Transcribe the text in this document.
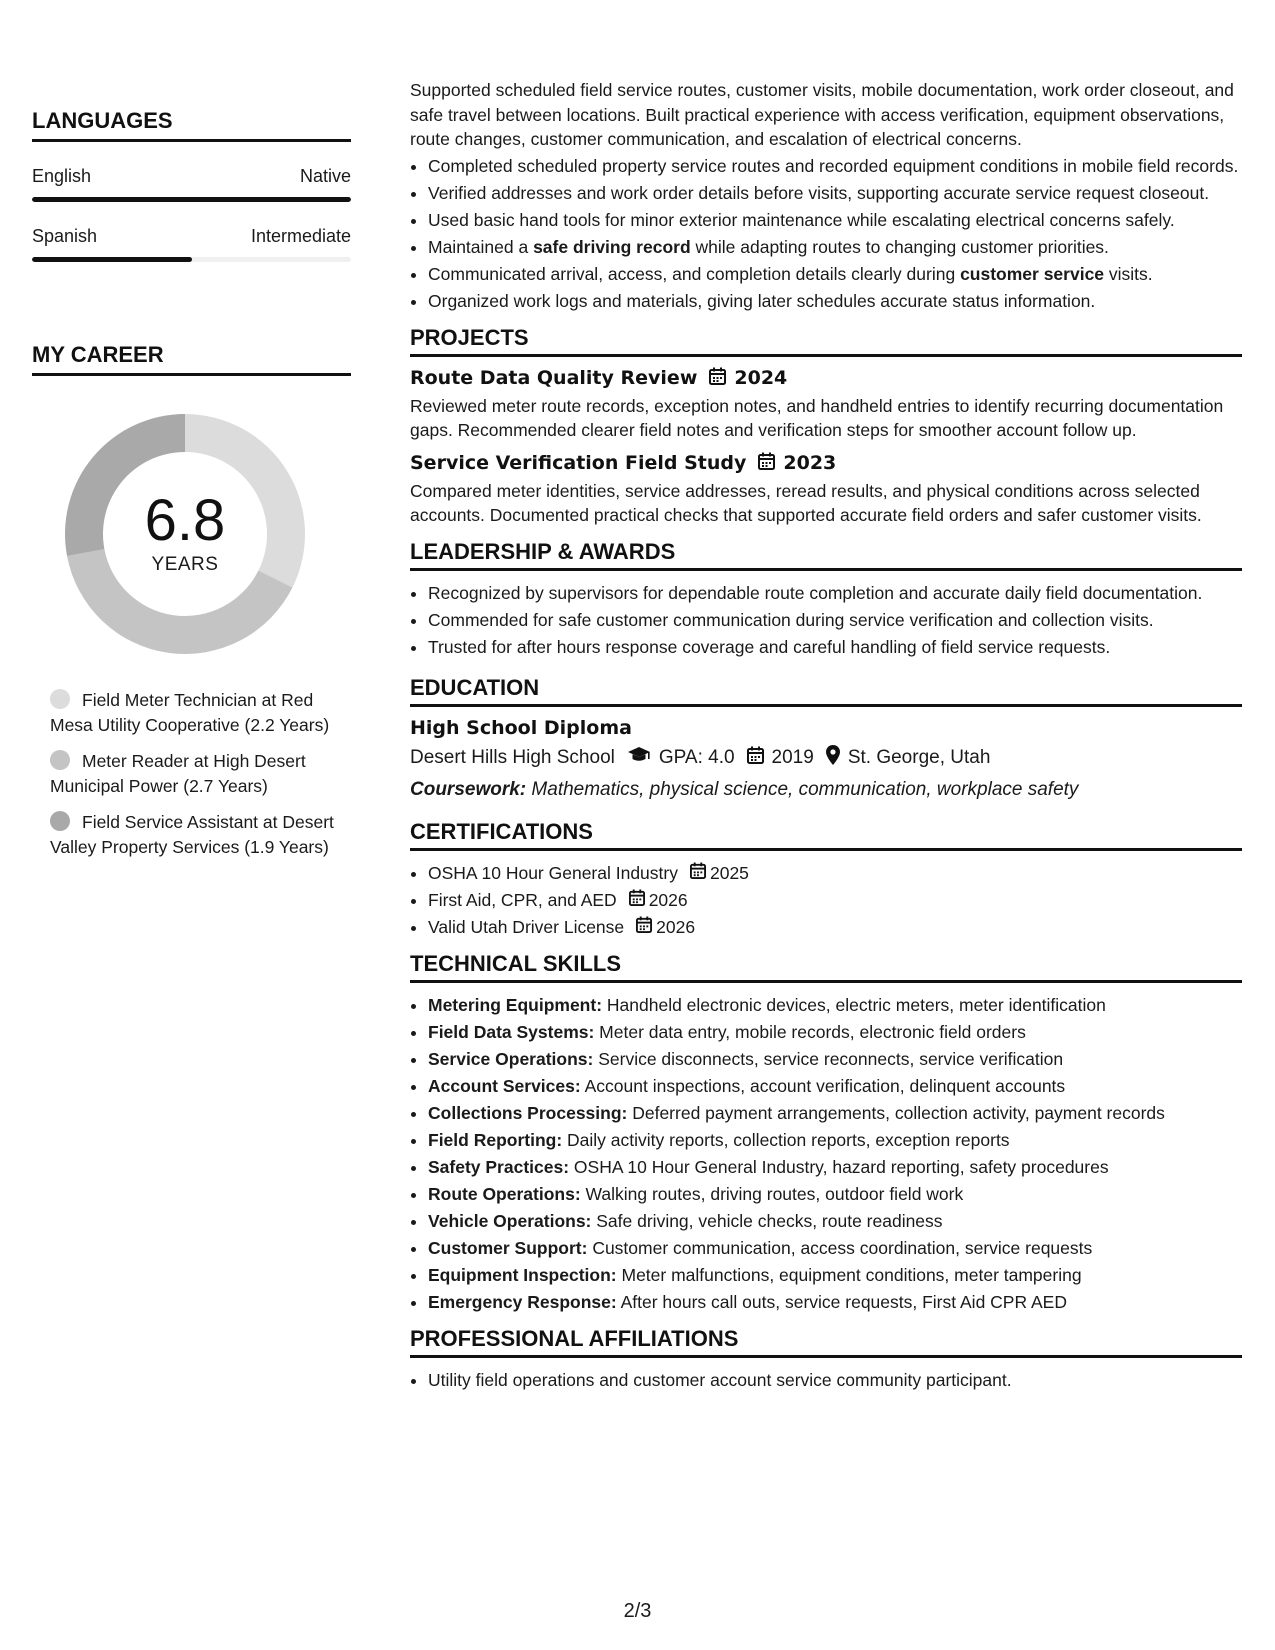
LANGUAGES
English	Native
Spanish	Intermediate
MY CAREER
6.8
YEARS
Field Meter Technician at Red Mesa Utility Cooperative (2.2 Years)
Meter Reader at High Desert Municipal Power (2.7 Years)
Field Service Assistant at Desert Valley Property Services (1.9 Years)

Supported scheduled field service routes, customer visits, mobile documentation, work order closeout, and safe travel between locations. Built practical experience with access verification, equipment observations, route changes, customer communication, and escalation of electrical concerns.

• Completed scheduled property service routes and recorded equipment conditions in mobile field records.
• Verified addresses and work order details before visits, supporting accurate service request closeout.
• Used basic hand tools for minor exterior maintenance while escalating electrical concerns safely.
• Maintained a safe driving record while adapting routes to changing customer priorities.
• Communicated arrival, access, and completion details clearly during customer service visits.
• Organized work logs and materials, giving later schedules accurate status information.
PROJECTS
Route Data Quality Review 2024

Reviewed meter route records, exception notes, and handheld entries to identify recurring documentation gaps. Recommended clearer field notes and verification steps for smoother account follow up.

Service Verification Field Study 2023

Compared meter identities, service addresses, reread results, and physical conditions across selected accounts. Documented practical checks that supported accurate field orders and safer customer visits.

LEADERSHIP & AWARDS
• Recognized by supervisors for dependable route completion and accurate daily field documentation.
• Commended for safe customer communication during service verification and collection visits.
• Trusted for after hours response coverage and careful handling of field service requests.
EDUCATION
High School Diploma
Desert Hills High School GPA: 4.0 2019 St. George, Utah
Coursework: Mathematics, physical science, communication, workplace safety
CERTIFICATIONS
• OSHA 10 Hour General Industry 2025
• First Aid, CPR, and AED 2026
• Valid Utah Driver License 2026
TECHNICAL SKILLS
• Metering Equipment: Handheld electronic devices, electric meters, meter identification
• Field Data Systems: Meter data entry, mobile records, electronic field orders
• Service Operations: Service disconnects, service reconnects, service verification
• Account Services: Account inspections, account verification, delinquent accounts
• Collections Processing: Deferred payment arrangements, collection activity, payment records
• Field Reporting: Daily activity reports, collection reports, exception reports
• Safety Practices: OSHA 10 Hour General Industry, hazard reporting, safety procedures
• Route Operations: Walking routes, driving routes, outdoor field work
• Vehicle Operations: Safe driving, vehicle checks, route readiness
• Customer Support: Customer communication, access coordination, service requests
• Equipment Inspection: Meter malfunctions, equipment conditions, meter tampering
• Emergency Response: After hours call outs, service requests, First Aid CPR AED
PROFESSIONAL AFFILIATIONS
• Utility field operations and customer account service community participant.
2/3
